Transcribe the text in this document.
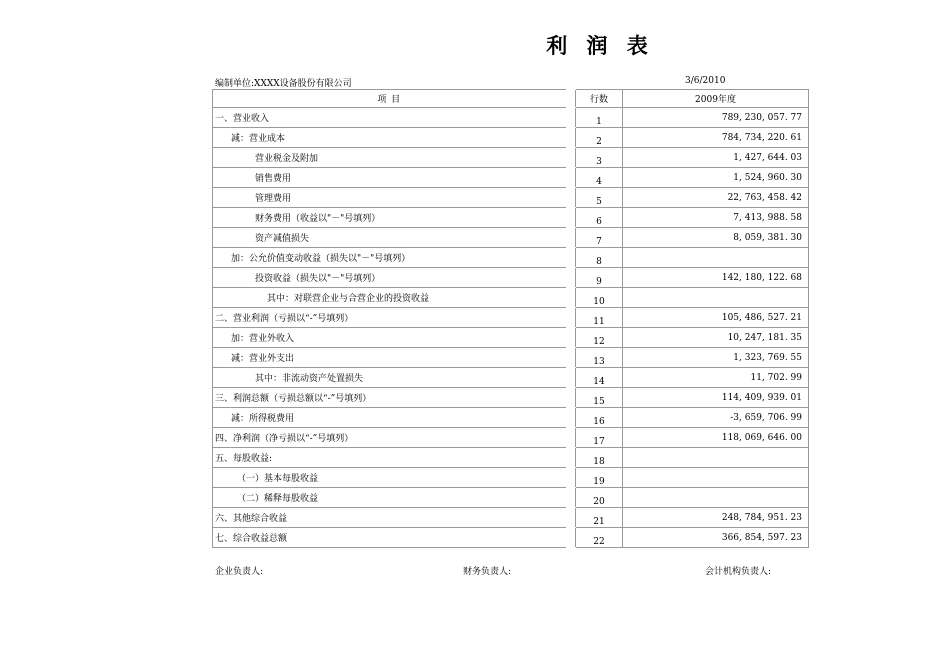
利 润 表
编制单位:XXXX设备股份有限公司	3/6/2010
项 目		行数	2009年度
一、营业收入		1	789, 230, 057. 77
减：营业成本		2	784, 734, 220. 61
营业税金及附加		3	1, 427, 644. 03
销售费用		4	1, 524, 960. 30
管理费用		5	22, 763, 458. 42
财务费用（收益以"－"号填列）		6	7, 413, 988. 58
资产减值损失		7	8, 059, 381. 30
加：公允价值变动收益（损失以"－"号填列）		8	
投资收益（损失以"－"号填列）		9	142, 180, 122. 68
其中：对联营企业与合营企业的投资收益		10	
二、营业利润（亏损以“-”号填列）		11	105, 486, 527. 21
加：营业外收入		12	10, 247, 181. 35
减：营业外支出		13	1, 323, 769. 55
其中：非流动资产处置损失		14	11, 702. 99
三、利润总额（亏损总额以“-”号填列）		15	114, 409, 939. 01
减：所得税费用		16	-3, 659, 706. 99
四、净利润（净亏损以“-”号填列）		17	118, 069, 646. 00
五、每股收益:		18	
（一）基本每股收益		19	
（二）稀释每股收益		20	
六、其他综合收益		21	248, 784, 951. 23
七、综合收益总额		22	366, 854, 597. 23
企业负责人:	财务负责人:	会计机构负责人:
